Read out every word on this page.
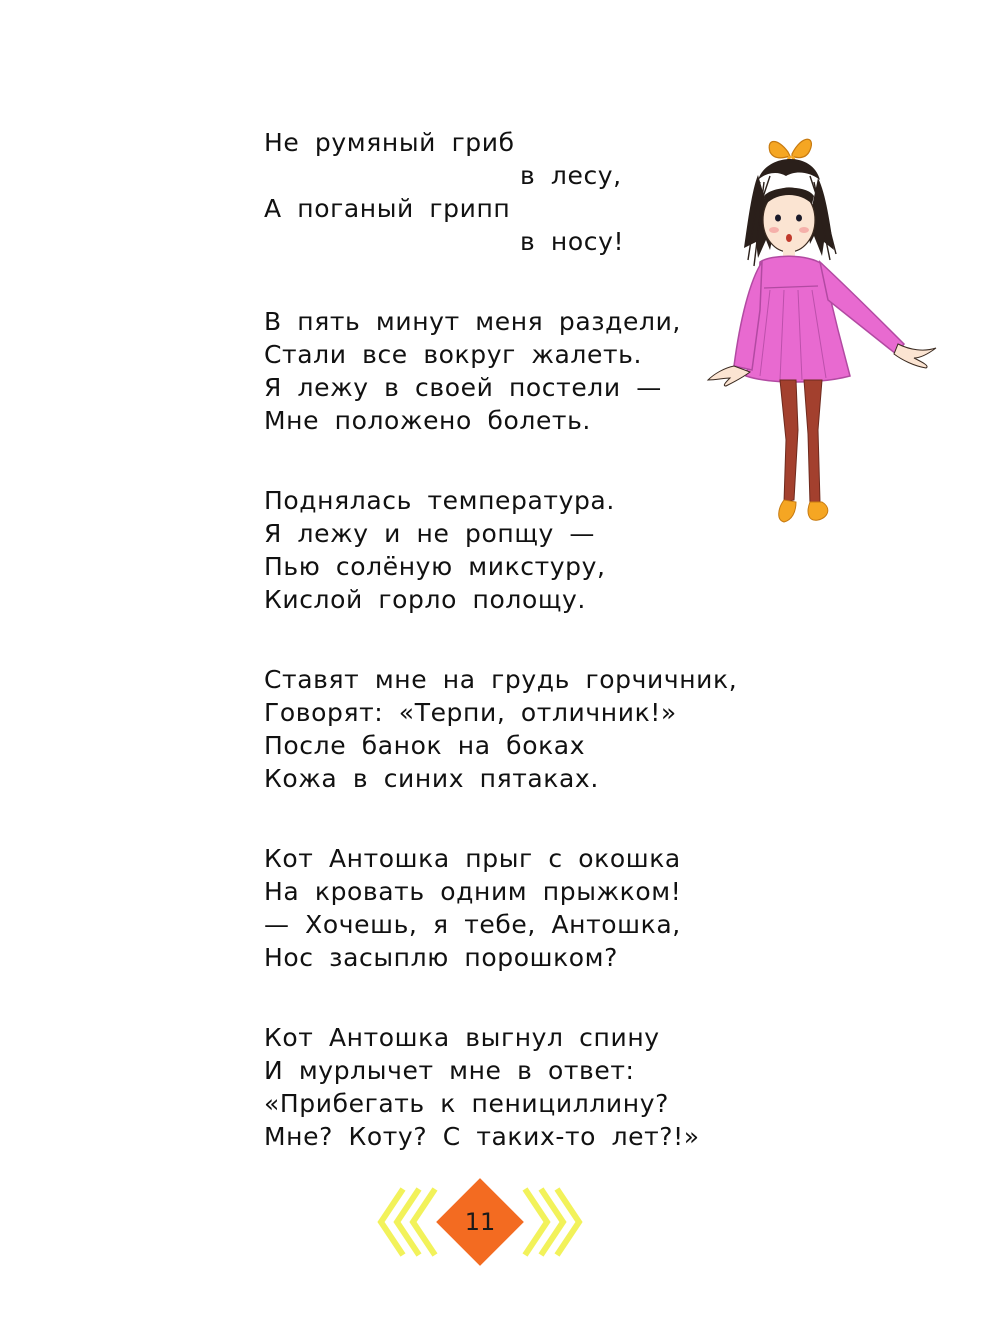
Не румяный гриб
в лесу,
А поганый грипп
в носу!
В пять минут меня раздели,
Стали все вокруг жалеть.
Я лежу в своей постели —
Мне положено болеть.
Поднялась температура.
Я лежу и не ропщу —
Пью солёную микстуру,
Кислой горло полощу.
Ставят мне на грудь горчичник,
Говорят: «Терпи, отличник!»
После банок на боках
Кожа в синих пятаках.
Кот Антошка прыг с окошка
На кровать одним прыжком!
— Хочешь, я тебе, Антошка,
Нос засыплю порошком?
Кот Антошка выгнул спину
И мурлычет мне в ответ:
«Прибегать к пенициллину?
Мне? Коту? С таких-то лет?!»
11
